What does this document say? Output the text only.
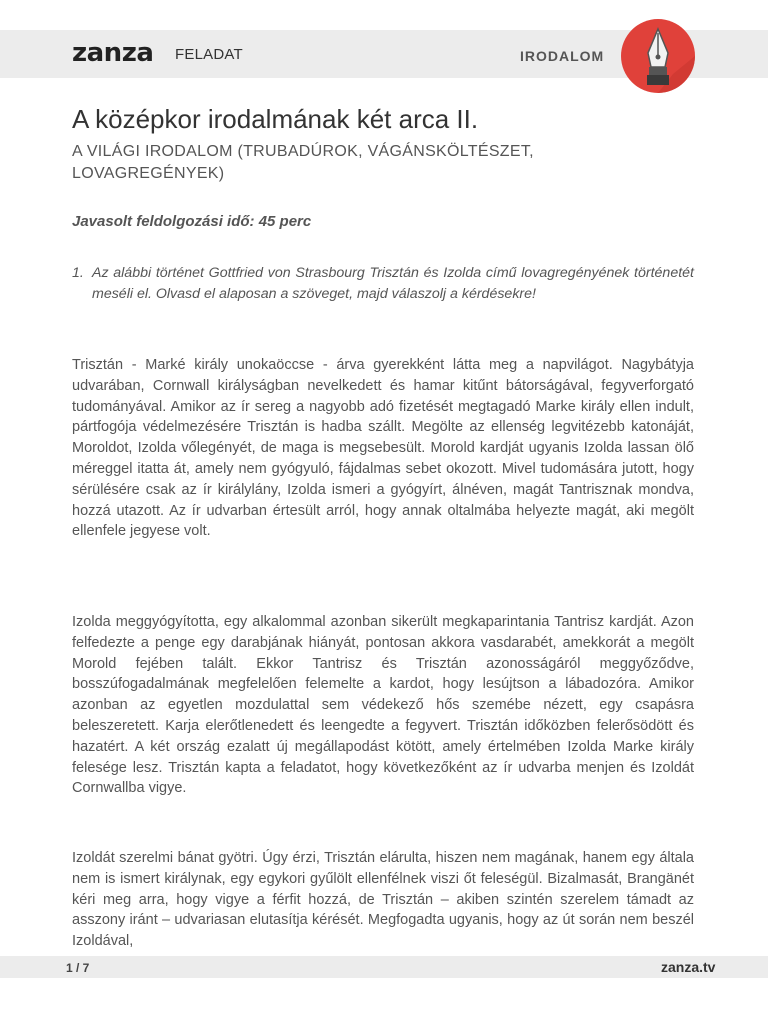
zanza FELADAT	IRODALOM
A középkor irodalmának két arca II.
A VILÁGI IRODALOM (TRUBADÚROK, VÁGÁNSKÖLTÉSZET, LOVAGREGÉNYEK)
Javasolt feldolgozási idő: 45 perc
1. Az alábbi történet Gottfried von Strasbourg Trisztán és Izolda című lovagregényének történetét meséli el. Olvasd el alaposan a szöveget, majd válaszolj a kérdésekre!

Trisztán - Marké király unokaöccse - árva gyerekként látta meg a napvilágot. Nagybátyja udvarában, Cornwall királyságban nevelkedett és hamar kitűnt bátorságával, fegyverforgató tudományával. Amikor az ír sereg a nagyobb adó fizetését megtagadó Marke király ellen indult, pártfogója védelmezésére Trisztán is hadba szállt. Megölte az ellenség legvitézebb katonáját, Moroldot, Izolda vőlegényét, de maga is megsebesült. Morold kardját ugyanis Izolda lassan ölő méreggel itatta át, amely nem gyógyuló, fájdalmas sebet okozott. Mivel tudomására jutott, hogy sérülésére csak az ír királylány, Izolda ismeri a gyógyírt, álnéven, magát Tantrisznak mondva, hozzá utazott. Az ír udvarban értesült arról, hogy annak oltalmába helyezte magát, aki megölt ellenfele jegyese volt.

Izolda meggyógyította, egy alkalommal azonban sikerült megkaparintania Tantrisz kardját. Azon felfedezte a penge egy darabjának hiányát, pontosan akkora vasdarabét, amekkorát a megölt Morold fejében talált. Ekkor Tantrisz és Trisztán azonosságáról meggyőződve, bosszúfogadalmának megfelelően felemelte a kardot, hogy lesújtson a lábadozóra. Amikor azonban az egyetlen mozdulattal sem védekező hős szemébe nézett, egy csapásra beleszeretett. Karja elerőtlenedett és leengedte a fegyvert. Trisztán időközben felerősödött és hazatért. A két ország ezalatt új megállapodást kötött, amely értelmében Izolda Marke király felesége lesz. Trisztán kapta a feladatot, hogy következőként az ír udvarba menjen és Izoldát Cornwallba vigye.

Izoldát szerelmi bánat gyötri. Úgy érzi, Trisztán elárulta, hiszen nem magának, hanem egy általa nem is ismert királynak, egy egykori gyűlölt ellenfélnek viszi őt feleségül. Bizalmasát, Brangänét kéri meg arra, hogy vigye a férfit hozzá, de Trisztán – akiben szintén szerelem támadt az asszony iránt – udvariasan elutasítja kérését. Megfogadta ugyanis, hogy az út során nem beszél Izoldával,

1 / 7	zanza.tv
